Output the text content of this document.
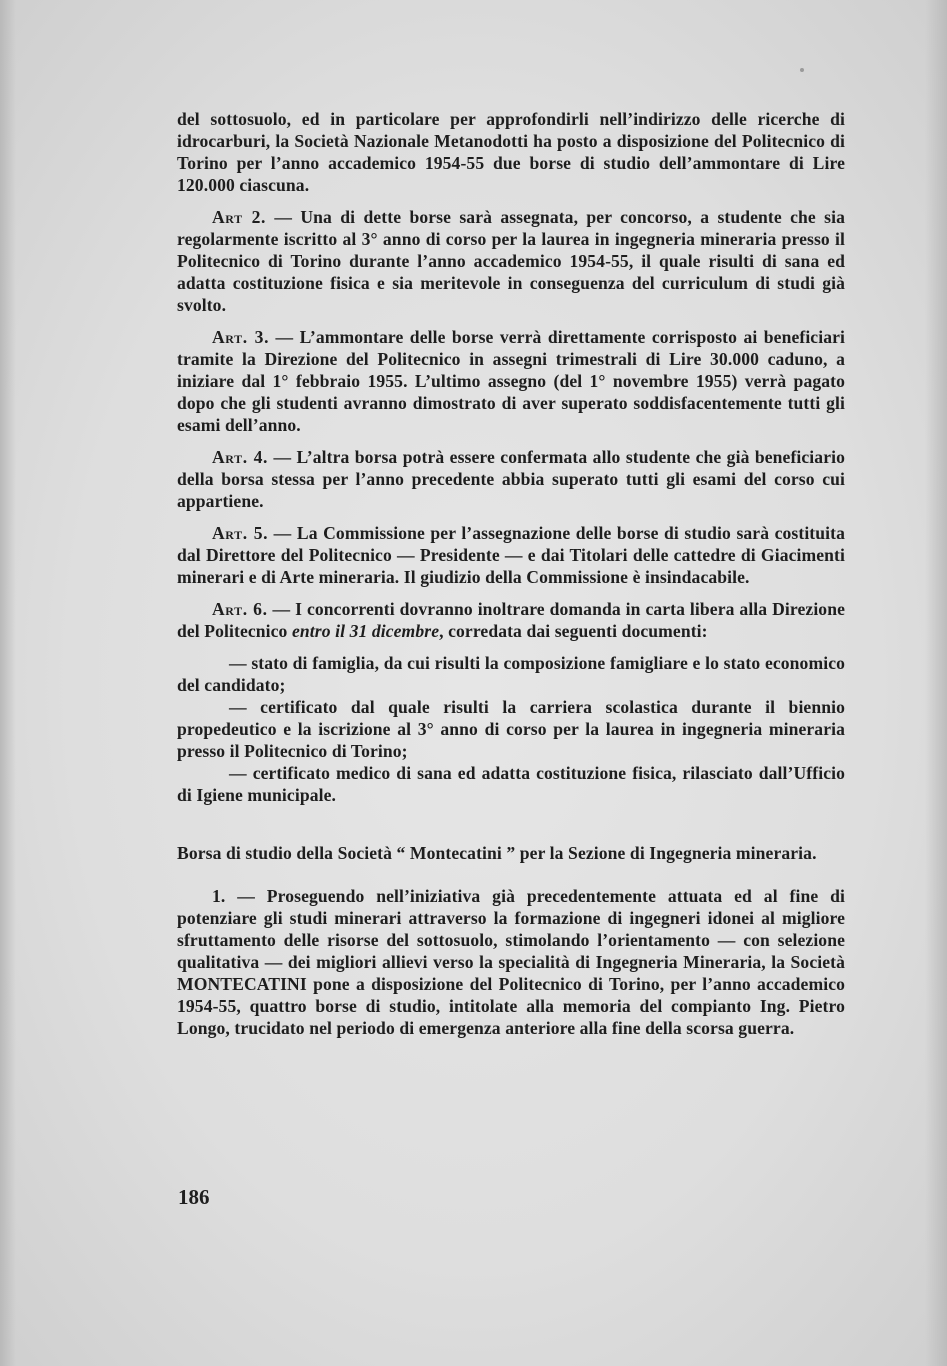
del sottosuolo, ed in particolare per approfondirli nell’indirizzo delle ricerche di idrocarburi, la Società Nazionale Metanodotti ha posto a disposizione del Politecnico di Torino per l’anno accademico 1954-55 due borse di studio dell’ammontare di Lire 120.000 ciascuna.

Art 2. — Una di dette borse sarà assegnata, per concorso, a studente che sia regolarmente iscritto al 3° anno di corso per la laurea in ingegneria mineraria presso il Politecnico di Torino durante l’anno accademico 1954-55, il quale risulti di sana ed adatta costituzione fisica e sia meritevole in conseguenza del curriculum di studi già svolto.

Art. 3. — L’ammontare delle borse verrà direttamente corrisposto ai beneficiari tramite la Direzione del Politecnico in assegni trimestrali di Lire 30.000 caduno, a iniziare dal 1° febbraio 1955. L’ultimo assegno (del 1° novembre 1955) verrà pagato dopo che gli studenti avranno dimostrato di aver superato soddisfacentemente tutti gli esami dell’anno.

Art. 4. — L’altra borsa potrà essere confermata allo studente che già beneficiario della borsa stessa per l’anno precedente abbia superato tutti gli esami del corso cui appartiene.

Art. 5. — La Commissione per l’assegnazione delle borse di studio sarà costituita dal Direttore del Politecnico — Presidente — e dai Titolari delle cattedre di Giacimenti minerari e di Arte mineraria. Il giudizio della Commissione è insindacabile.

Art. 6. — I concorrenti dovranno inoltrare domanda in carta libera alla Direzione del Politecnico entro il 31 dicembre, corredata dai seguenti documenti:

— stato di famiglia, da cui risulti la composizione famigliare e lo stato economico del candidato;

— certificato dal quale risulti la carriera scolastica durante il biennio propedeutico e la iscrizione al 3° anno di corso per la laurea in ingegneria mineraria presso il Politecnico di Torino;

— certificato medico di sana ed adatta costituzione fisica, rilasciato dall’Ufficio di Igiene municipale.

Borsa di studio della Società “ Montecatini ” per la Sezione di Ingegneria mineraria.

1. — Proseguendo nell’iniziativa già precedentemente attuata ed al fine di potenziare gli studi minerari attraverso la formazione di ingegneri idonei al migliore sfruttamento delle risorse del sottosuolo, stimolando l’orientamento — con selezione qualitativa — dei migliori allievi verso la specialità di Ingegneria Mineraria, la Società MONTECATINI pone a disposizione del Politecnico di Torino, per l’anno accademico 1954-55, quattro borse di studio, intitolate alla memoria del compianto Ing. Pietro Longo, trucidato nel periodo di emergenza anteriore alla fine della scorsa guerra.

186
